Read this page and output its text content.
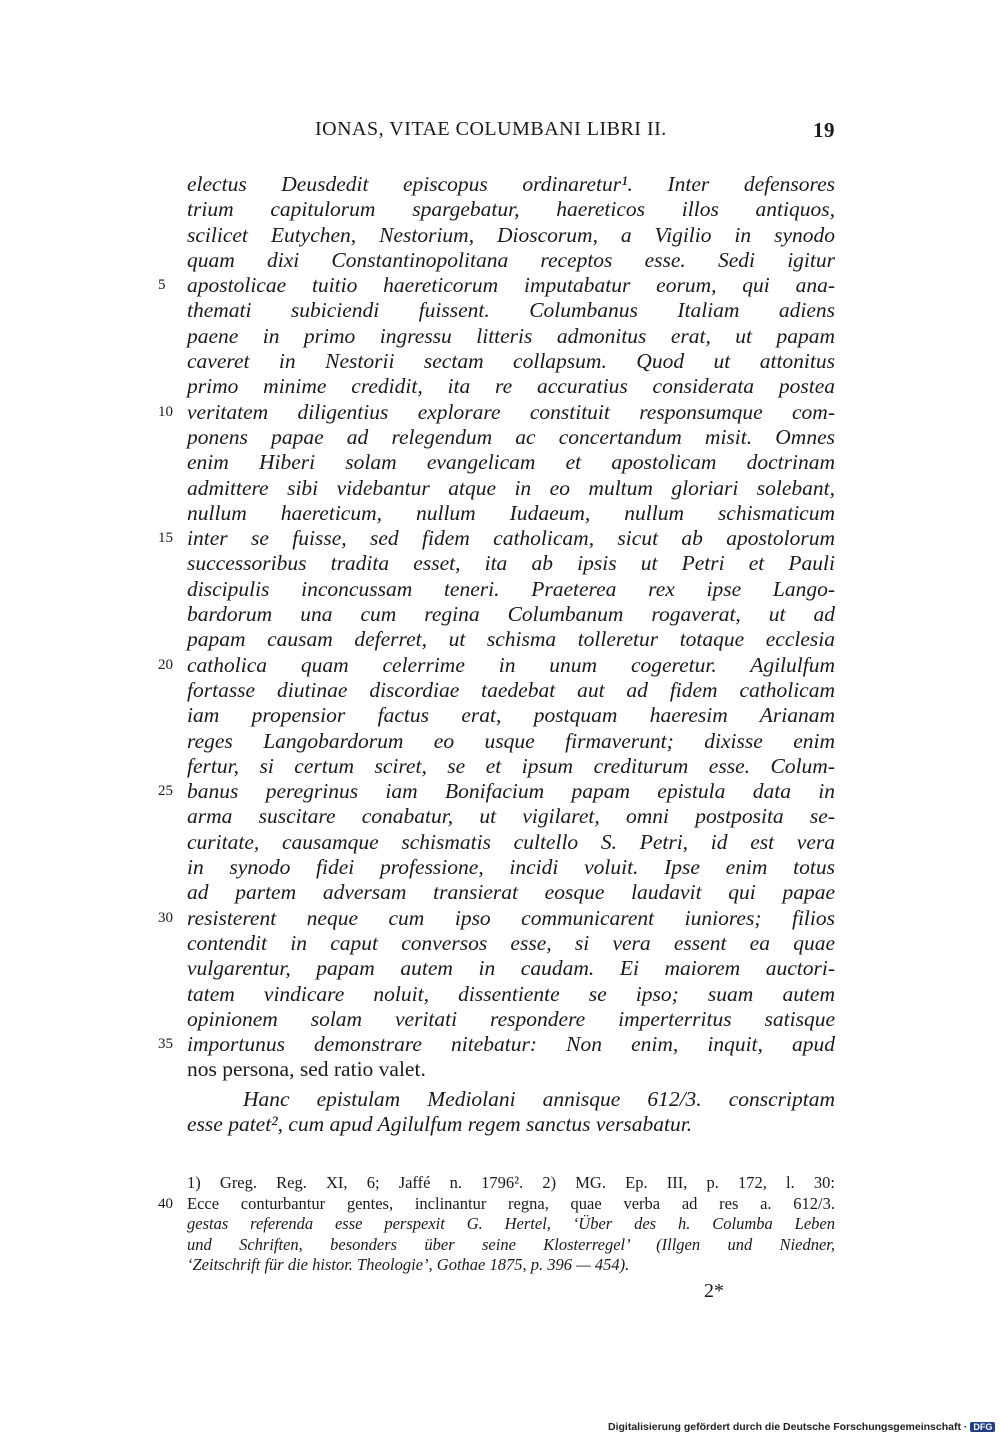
IONAS, VITAE COLUMBANI LIBRI II.	19
electus Deusdedit episcopus ordinaretur¹. Inter defensores
trium capitulorum spargebatur, haereticos illos antiquos,
scilicet Eutychen, Nestorium, Dioscorum, a Vigilio in synodo
quam dixi Constantinopolitana receptos esse. Sedi igitur
5	apostolicae tuitio haereticorum imputabatur eorum, qui ana-
themati subiciendi fuissent. Columbanus Italiam adiens
paene in primo ingressu litteris admonitus erat, ut papam
caveret in Nestorii sectam collapsum. Quod ut attonitus
primo minime credidit, ita re accuratius considerata postea
10 veritatem diligentius explorare constituit responsumque com-
ponens papae ad relegendum ac concertandum misit. Omnes
enim Hiberi solam evangelicam et apostolicam doctrinam
admittere sibi videbantur atque in eo multum gloriari solebant,
nullum haereticum, nullum Iudaeum, nullum schismaticum
15 inter se fuisse, sed fidem catholicam, sicut ab apostolorum
successoribus tradita esset, ita ab ipsis ut Petri et Pauli
discipulis inconcussam teneri. Praeterea rex ipse Lango-
bardorum una cum regina Columbanum rogaverat, ut ad
papam causam deferret, ut schisma tolleretur totaque ecclesia
20 catholica quam celerrime in unum cogeretur. Agilulfum
fortasse diutinae discordiae taedebat aut ad fidem catholicam
iam propensior factus erat, postquam haeresim Arianam
reges Langobardorum eo usque firmaverunt; dixisse enim
fertur, si certum sciret, se et ipsum crediturum esse. Colum-
25 banus peregrinus iam Bonifacium papam epistula data in
arma suscitare conabatur, ut vigilaret, omni postposita se-
curitate, causamque schismatis cultello S. Petri, id est vera
in synodo fidei professione, incidi voluit. Ipse enim totus
ad partem adversam transierat eosque laudavit qui papae
30 resisterent neque cum ipso communicarent iuniores; filios
contendit in caput conversos esse, si vera essent ea quae
vulgarentur, papam autem in caudam. Ei maiorem auctori-
tatem vindicare noluit, dissentiente se ipso; suam autem
opinionem solam veritati respondere imperterritus satisque
35 importunus demonstrare nitebatur: Non enim, inquit, apud
nos persona, sed ratio valet.
Hanc epistulam Mediolani annisque 612/3. conscriptam
esse patet², cum apud Agilulfum regem sanctus versabatur.
1) Greg. Reg. XI, 6; Jaffé n. 1796². 2) MG. Ep. III, p. 172, l. 30:
40 Ecce conturbantur gentes, inclinantur regna, quae verba ad res a. 612/3.
gestas referenda esse perspexit G. Hertel, ‘Über des h. Columba Leben
und Schriften, besonders über seine Klosterregel’ (Illgen und Niedner,
‘Zeitschrift für die histor. Theologie’, Gothae 1875, p. 396 — 454).
2*
Digitalisierung gefördert durch die Deutsche Forschungsgemeinschaft · DFG
